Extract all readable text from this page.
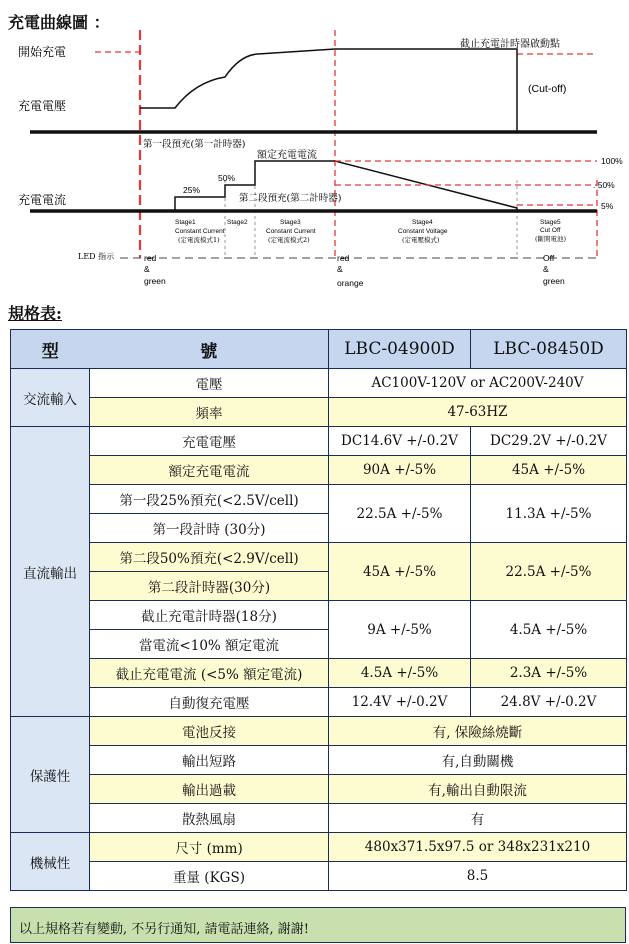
充電曲線圖 ：
開始充電
充電電壓
充電電流
LED 指示
截止充電計時器啟動點
(Cut-off)
第一段預充(第一計時器)
額定充電電流
第二段預充(第二計時器)
100%
. 50%
5%
25%
50%
Stage1
Constant Current
(定電流模式1)
Stage2	Stage3
Constant Current
(定電流模式2)
Stage4
Constant Voltage
(定電壓模式)
Stage5
Cut Off
(斷開電池)
red
&
green
red
&
orange
Off
&
green
規格表:
型	號	LBC-04900D	LBC-08450D
交流輸入	電壓	AC100V-120V or AC200V-240V	
	頻率	47-63HZ	
直流輸出	充電電壓	DC14.6V +/-0.2V	DC29.2V +/-0.2V
	額定充電電流	90A +/-5%	45A +/-5%
	第一段25%預充(<2.5V/cell)	22.5A +/-5%	11.3A +/-5%
	第一段計時 (30分)		
	第二段50%預充(<2.9V/cell)	45A +/-5%	22.5A +/-5%
	第二段計時器(30分)		
	截止充電計時器(18分)	9A +/-5%	4.5A +/-5%
	當電流<10% 額定電流		
	截止充電電流 (<5% 額定電流)	4.5A +/-5%	2.3A +/-5%
	自動復充電壓	12.4V +/-0.2V	24.8V +/-0.2V
保護性	電池反接	有, 保險絲燒斷	
	輸出短路	有,自動關機	
	輸出過載	有,輸出自動限流	
	散熱風扇	有	
機械性	尺寸 (mm)	480x371.5x97.5 or 348x231x210	
	重量 (KGS)	8.5	
以上規格若有變動, 不另行通知, 請電話連絡, 謝謝!
